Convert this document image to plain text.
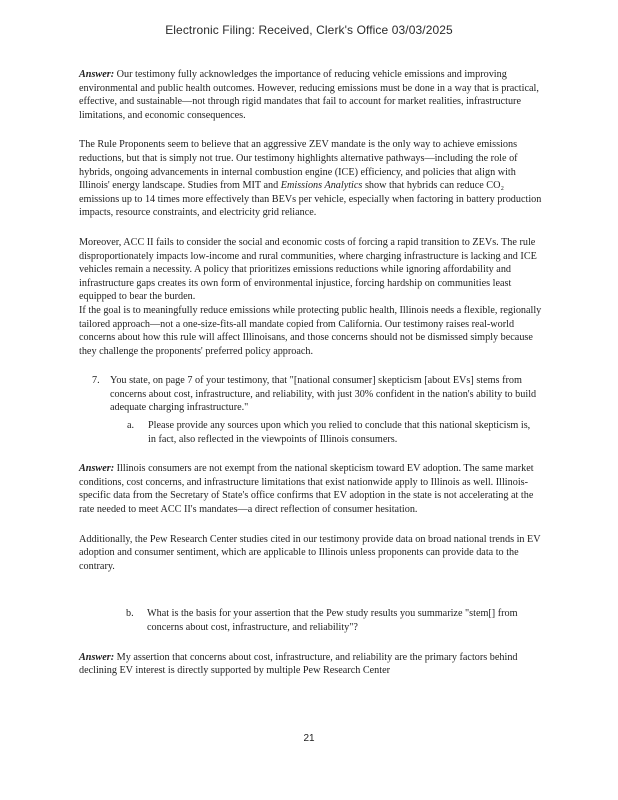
Electronic Filing: Received, Clerk's Office 03/03/2025

Answer: Our testimony fully acknowledges the importance of reducing vehicle emissions and improving environmental and public health outcomes. However, reducing emissions must be done in a way that is practical, effective, and sustainable—not through rigid mandates that fail to account for market realities, infrastructure limitations, and economic consequences.

The Rule Proponents seem to believe that an aggressive ZEV mandate is the only way to achieve emissions reductions, but that is simply not true. Our testimony highlights alternative pathways—including the role of hybrids, ongoing advancements in internal combustion engine (ICE) efficiency, and policies that align with Illinois' energy landscape. Studies from MIT and Emissions Analytics show that hybrids can reduce CO₂ emissions up to 14 times more effectively than BEVs per vehicle, especially when factoring in battery production impacts, resource constraints, and electricity grid reliance.

Moreover, ACC II fails to consider the social and economic costs of forcing a rapid transition to ZEVs. The rule disproportionately impacts low-income and rural communities, where charging infrastructure is lacking and ICE vehicles remain a necessity. A policy that prioritizes emissions reductions while ignoring affordability and infrastructure gaps creates its own form of environmental injustice, forcing hardship on communities least equipped to bear the burden.

If the goal is to meaningfully reduce emissions while protecting public health, Illinois needs a flexible, regionally tailored approach—not a one-size-fits-all mandate copied from California. Our testimony raises real-world concerns about how this rule will affect Illinoisans, and those concerns should not be dismissed simply because they challenge the proponents' preferred policy approach.

7.	You state, on page 7 of your testimony, that "[national consumer] skepticism [about EVs] stems from concerns about cost, infrastructure, and reliability, with just 30% confident in the nation's ability to build adequate charging infrastructure."
a.	Please provide any sources upon which you relied to conclude that this national skepticism is, in fact, also reflected in the viewpoints of Illinois consumers.

Answer: Illinois consumers are not exempt from the national skepticism toward EV adoption. The same market conditions, cost concerns, and infrastructure limitations that exist nationwide apply to Illinois as well. Illinois-specific data from the Secretary of State's office confirms that EV adoption in the state is not accelerating at the rate needed to meet ACC II's mandates—a direct reflection of consumer hesitation.

Additionally, the Pew Research Center studies cited in our testimony provide data on broad national trends in EV adoption and consumer sentiment, which are applicable to Illinois unless proponents can provide data to the contrary.

b.	What is the basis for your assertion that the Pew study results you summarize "stem[] from concerns about cost, infrastructure, and reliability"?

Answer: My assertion that concerns about cost, infrastructure, and reliability are the primary factors behind declining EV interest is directly supported by multiple Pew Research Center

21
